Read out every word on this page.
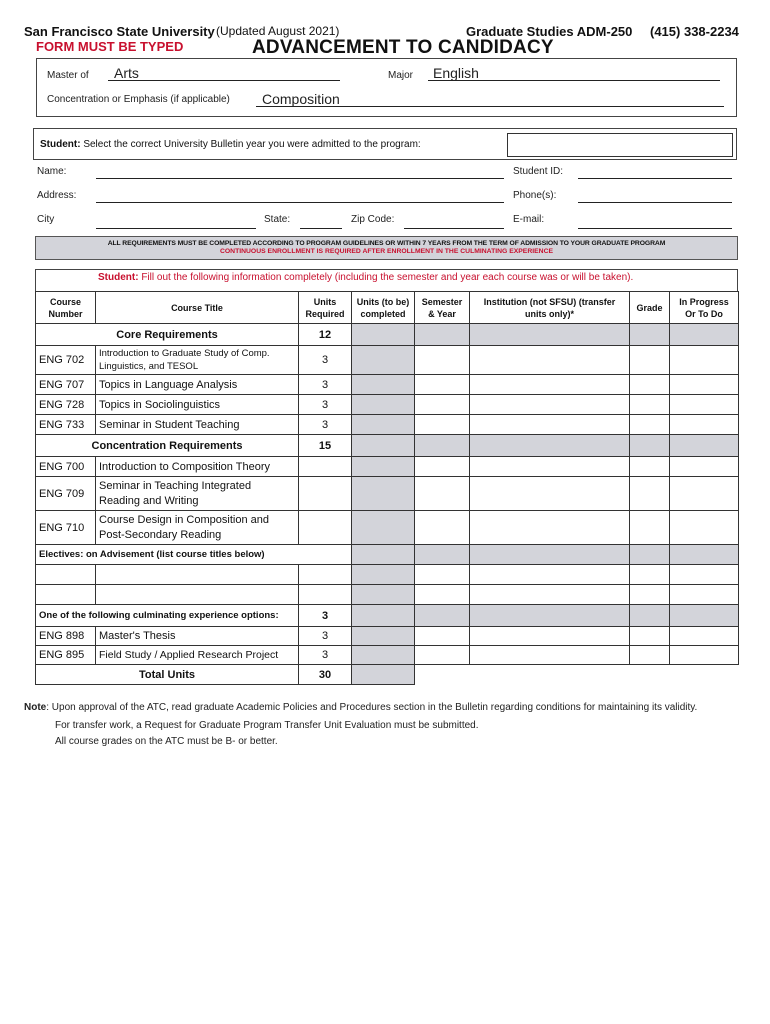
San Francisco State University (Updated August 2021)	Graduate Studies ADM-250 (415) 338-2234
FORM MUST BE TYPED	ADVANCEMENT TO CANDIDACY
Master of Arts	Major English
Concentration or Emphasis (if applicable) Composition
Student: Select the correct University Bulletin year you were admitted to the program:
Name:	Student ID:
Address:	Phone(s):
City	State:	Zip Code:	E-mail:
ALL REQUIREMENTS MUST BE COMPLETED ACCORDING TO PROGRAM GUIDELINES OR WITHIN 7 YEARS FROM THE TERM OF ADMISSION TO YOUR GRADUATE PROGRAM
CONTINUOUS ENROLLMENT IS REQUIRED AFTER ENROLLMENT IN THE CULMINATING EXPERIENCE
Student: Fill out the following information completely (including the semester and year each course was or will be taken).
Course Number	Course Title	Units Required	Units (to be) completed	Semester & Year	Institution (not SFSU) (transfer units only)*	Grade	In Progress Or To Do
Core Requirements		12					
ENG 702	Introduction to Graduate Study of Comp. Linguistics, and TESOL	3					
ENG 707	Topics in Language Analysis	3					
ENG 728	Topics in Sociolinguistics	3					
ENG 733	Seminar in Student Teaching	3					
Concentration Requirements		15					
ENG 700	Introduction to Composition Theory						
ENG 709	Seminar in Teaching Integrated Reading and Writing						
ENG 710	Course Design in Composition and Post-Secondary Reading						
Electives: on Advisement (list course titles below)							

One of the following culminating experience options:		3					
ENG 898	Master's Thesis	3					
ENG 895	Field Study / Applied Research Project	3					
Total Units		30					
Note: Upon approval of the ATC, read graduate Academic Policies and Procedures section in the Bulletin regarding conditions for maintaining its validity.
For transfer work, a Request for Graduate Program Transfer Unit Evaluation must be submitted.
All course grades on the ATC must be B- or better.
